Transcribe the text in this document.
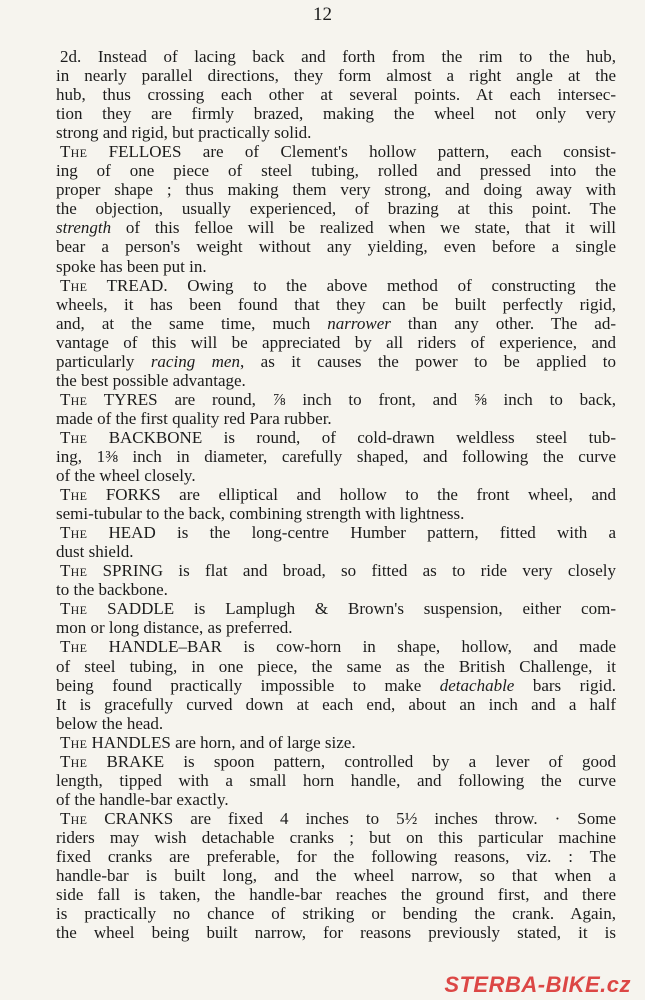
12
2d. Instead of lacing back and forth from the rim to the hub,
in nearly parallel directions, they form almost a right angle at the
hub, thus crossing each other at several points. At each intersec-
tion they are firmly brazed, making the wheel not only very
strong and rigid, but practically solid.
The FELLOES are of Clement's hollow pattern, each consist-
ing of one piece of steel tubing, rolled and pressed into the
proper shape ; thus making them very strong, and doing away with
the objection, usually experienced, of brazing at this point. The
strength of this felloe will be realized when we state, that it will
bear a person's weight without any yielding, even before a single
spoke has been put in.
The TREAD. Owing to the above method of constructing the
wheels, it has been found that they can be built perfectly rigid,
and, at the same time, much narrower than any other. The ad-
vantage of this will be appreciated by all riders of experience, and
particularly racing men, as it causes the power to be applied to
the best possible advantage.
The TYRES are round, ⅞ inch to front, and ⅝ inch to back,
made of the first quality red Para rubber.
The BACKBONE is round, of cold-drawn weldless steel tub-
ing, 1⅜ inch in diameter, carefully shaped, and following the curve
of the wheel closely.
The FORKS are elliptical and hollow to the front wheel, and
semi-tubular to the back, combining strength with lightness.
The HEAD is the long-centre Humber pattern, fitted with a
dust shield.
The SPRING is flat and broad, so fitted as to ride very closely
to the backbone.
The SADDLE is Lamplugh & Brown's suspension, either com-
mon or long distance, as preferred.
The HANDLE–BAR is cow-horn in shape, hollow, and made
of steel tubing, in one piece, the same as the British Challenge, it
being found practically impossible to make detachable bars rigid.
It is gracefully curved down at each end, about an inch and a half
below the head.
The HANDLES are horn, and of large size.
The BRAKE is spoon pattern, controlled by a lever of good
length, tipped with a small horn handle, and following the curve
of the handle-bar exactly.
The CRANKS are fixed 4 inches to 5½ inches throw. · Some
riders may wish detachable cranks ; but on this particular machine
fixed cranks are preferable, for the following reasons, viz. : The
handle-bar is built long, and the wheel narrow, so that when a
side fall is taken, the handle-bar reaches the ground first, and there
is practically no chance of striking or bending the crank. Again,
the wheel being built narrow, for reasons previously stated, it is
STERBA-BIKE.cz
